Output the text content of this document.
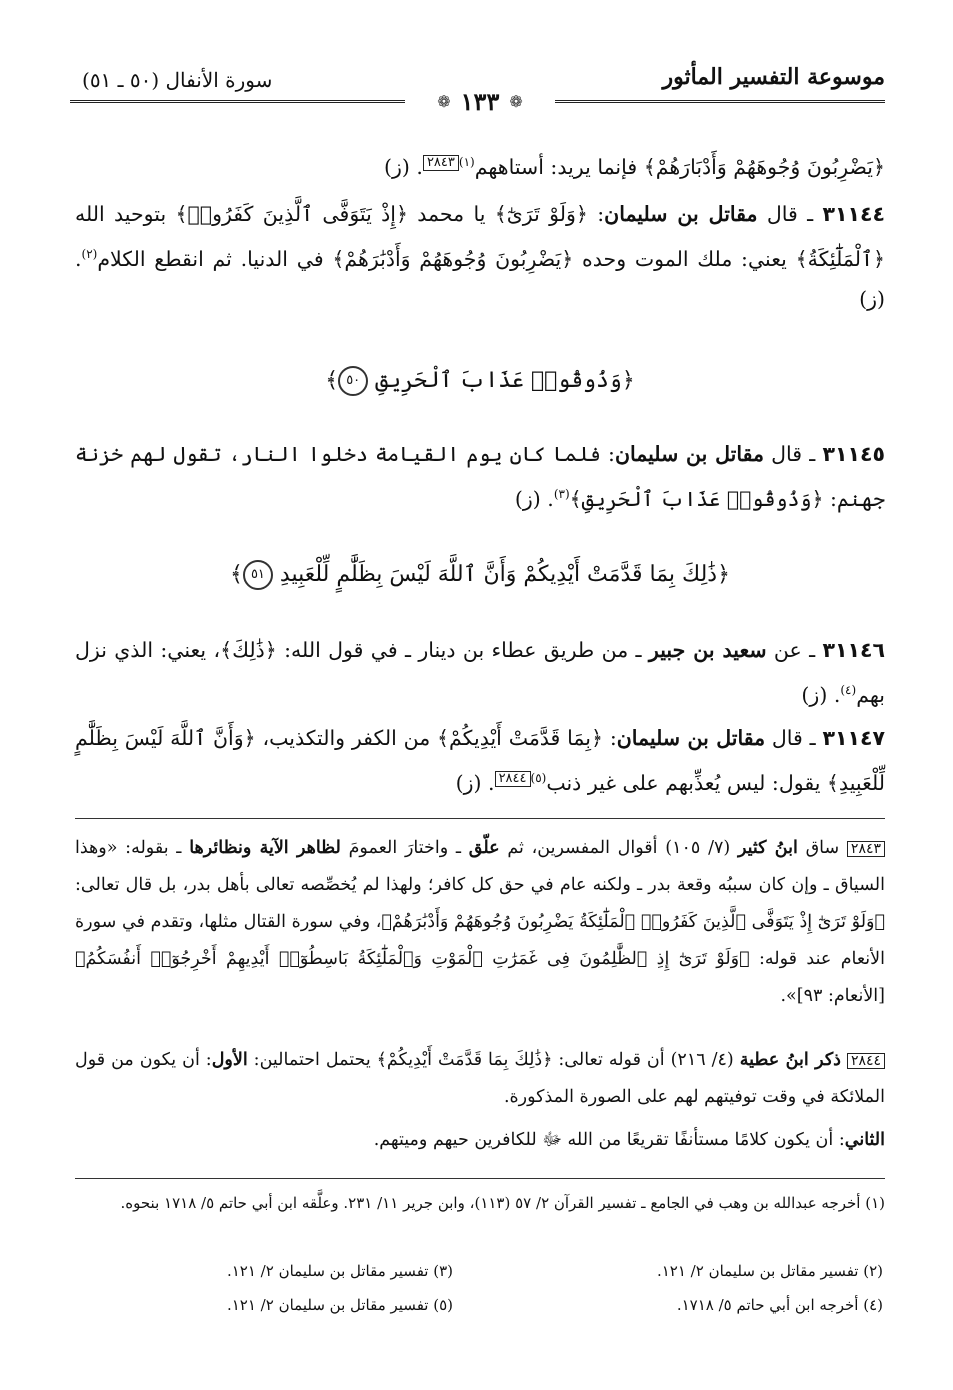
موسوعة التفسير المأثور
سورة الأنفال (٥٠ ـ ٥١)
❁ ١٣٣ ❁
﴿يَضْرِبُونَ وُجُوهَهُمْ وَأَدْبَارَهُمْ﴾ فإنما يريد: أستاههم$^{(١)}$٢٨٤٣. (ز)
٣١١٤٤ ـ قال مقاتل بن سليمان: ﴿وَلَوْ تَرَىٰٓ﴾ يا محمد ﴿إِذْ يَتَوَفَّى ٱلَّذِينَ كَفَرُوا۟﴾ بتوحيد الله ﴿ٱلْمَلَٰٓئِكَةُ﴾ يعني: ملك الموت وحده ﴿يَضْرِبُونَ وُجُوهَهُمْ وَأَدْبَٰرَهُمْ﴾ في الدنيا. ثم انقطع الكلام$^{(٢)}$. (ز)
﴿وَذُوقُوا۟ عَذَابَ ٱلْحَرِيقِ ٥٠﴾
٣١١٤٥ ـ قال مقاتل بن سليمان: فلما كان يوم القيامة دخلوا النار، تقول لهم خزنة جهنم: ﴿وَذُوقُوا۟ عَذَابَ ٱلْحَرِيقِ﴾$^{(٣)}$. (ز)
﴿ذَٰلِكَ بِمَا قَدَّمَتْ أَيْدِيكُمْ وَأَنَّ ٱللَّهَ لَيْسَ بِظَلَّٰمٍ لِّلْعَبِيدِ ٥١﴾
٣١١٤٦ ـ عن سعيد بن جبير ـ من طريق عطاء بن دينار ـ في قول الله: ﴿ذَٰلِكَ﴾، يعني: الذي نزل بهم$^{(٤)}$. (ز)
٣١١٤٧ ـ قال مقاتل بن سليمان: ﴿بِمَا قَدَّمَتْ أَيْدِيكُمْ﴾ من الكفر والتكذيب، ﴿وَأَنَّ ٱللَّهَ لَيْسَ بِظَلَّٰمٍ لِّلْعَبِيدِ﴾ يقول: ليس يُعذِّبهم على غير ذنب$^{(٥)}$٢٨٤٤. (ز)
٢٨٤٣ ساق ابنُ كثير (٧/ ١٠٥) أقوال المفسرين، ثم علّق ـ واختارَ العمومَ لظاهر الآية ونظائرها ـ بقوله: «وهذا السياق ـ وإن كان سببُه وقعة بدر ـ ولكنه عام في حق كل كافر؛ ولهذا لم يُخصِّصه تعالى بأهل بدر، بل قال تعالى: ﴿وَلَوْ تَرَىٰٓ إِذْ يَتَوَفَّى ٱلَّذِينَ كَفَرُوا۟ ٱلْمَلَٰٓئِكَةُ يَضْرِبُونَ وُجُوهَهُمْ وَأَدْبَٰرَهُمْ﴾، وفي سورة القتال مثلها، وتقدم في سورة الأنعام عند قوله: ﴿وَلَوْ تَرَىٰٓ إِذِ ٱلظَّٰلِمُونَ فِى غَمَرَٰتِ ٱلْمَوْتِ وَٱلْمَلَٰٓئِكَةُ بَاسِطُوٓا۟ أَيْدِيهِمْ أَخْرِجُوٓا۟ أَنفُسَكُمُ﴾ [الأنعام: ٩٣]».
٢٨٤٤ ذكر ابنُ عطية (٤/ ٢١٦) أن قوله تعالى: ﴿ذَٰلِكَ بِمَا قَدَّمَتْ أَيْدِيكُمْ﴾ يحتمل احتمالين: الأول: أن يكون من قول الملائكة في وقت توفيتهم لهم على الصورة المذكورة.
الثاني: أن يكون كلامًا مستأنفًا تقريعًا من الله ﷻ للكافرين حيهم وميتهم.
(١) أخرجه عبدالله بن وهب في الجامع ـ تفسير القرآن ٢/ ٥٧ (١١٣)، وابن جرير ١١/ ٢٣١. وعلَّقه ابن أبي حاتم ٥/ ١٧١٨ بنحوه.
(٢) تفسير مقاتل بن سليمان ٢/ ١٢١.
(٣) تفسير مقاتل بن سليمان ٢/ ١٢١.
(٤) أخرجه ابن أبي حاتم ٥/ ١٧١٨.
(٥) تفسير مقاتل بن سليمان ٢/ ١٢١.
